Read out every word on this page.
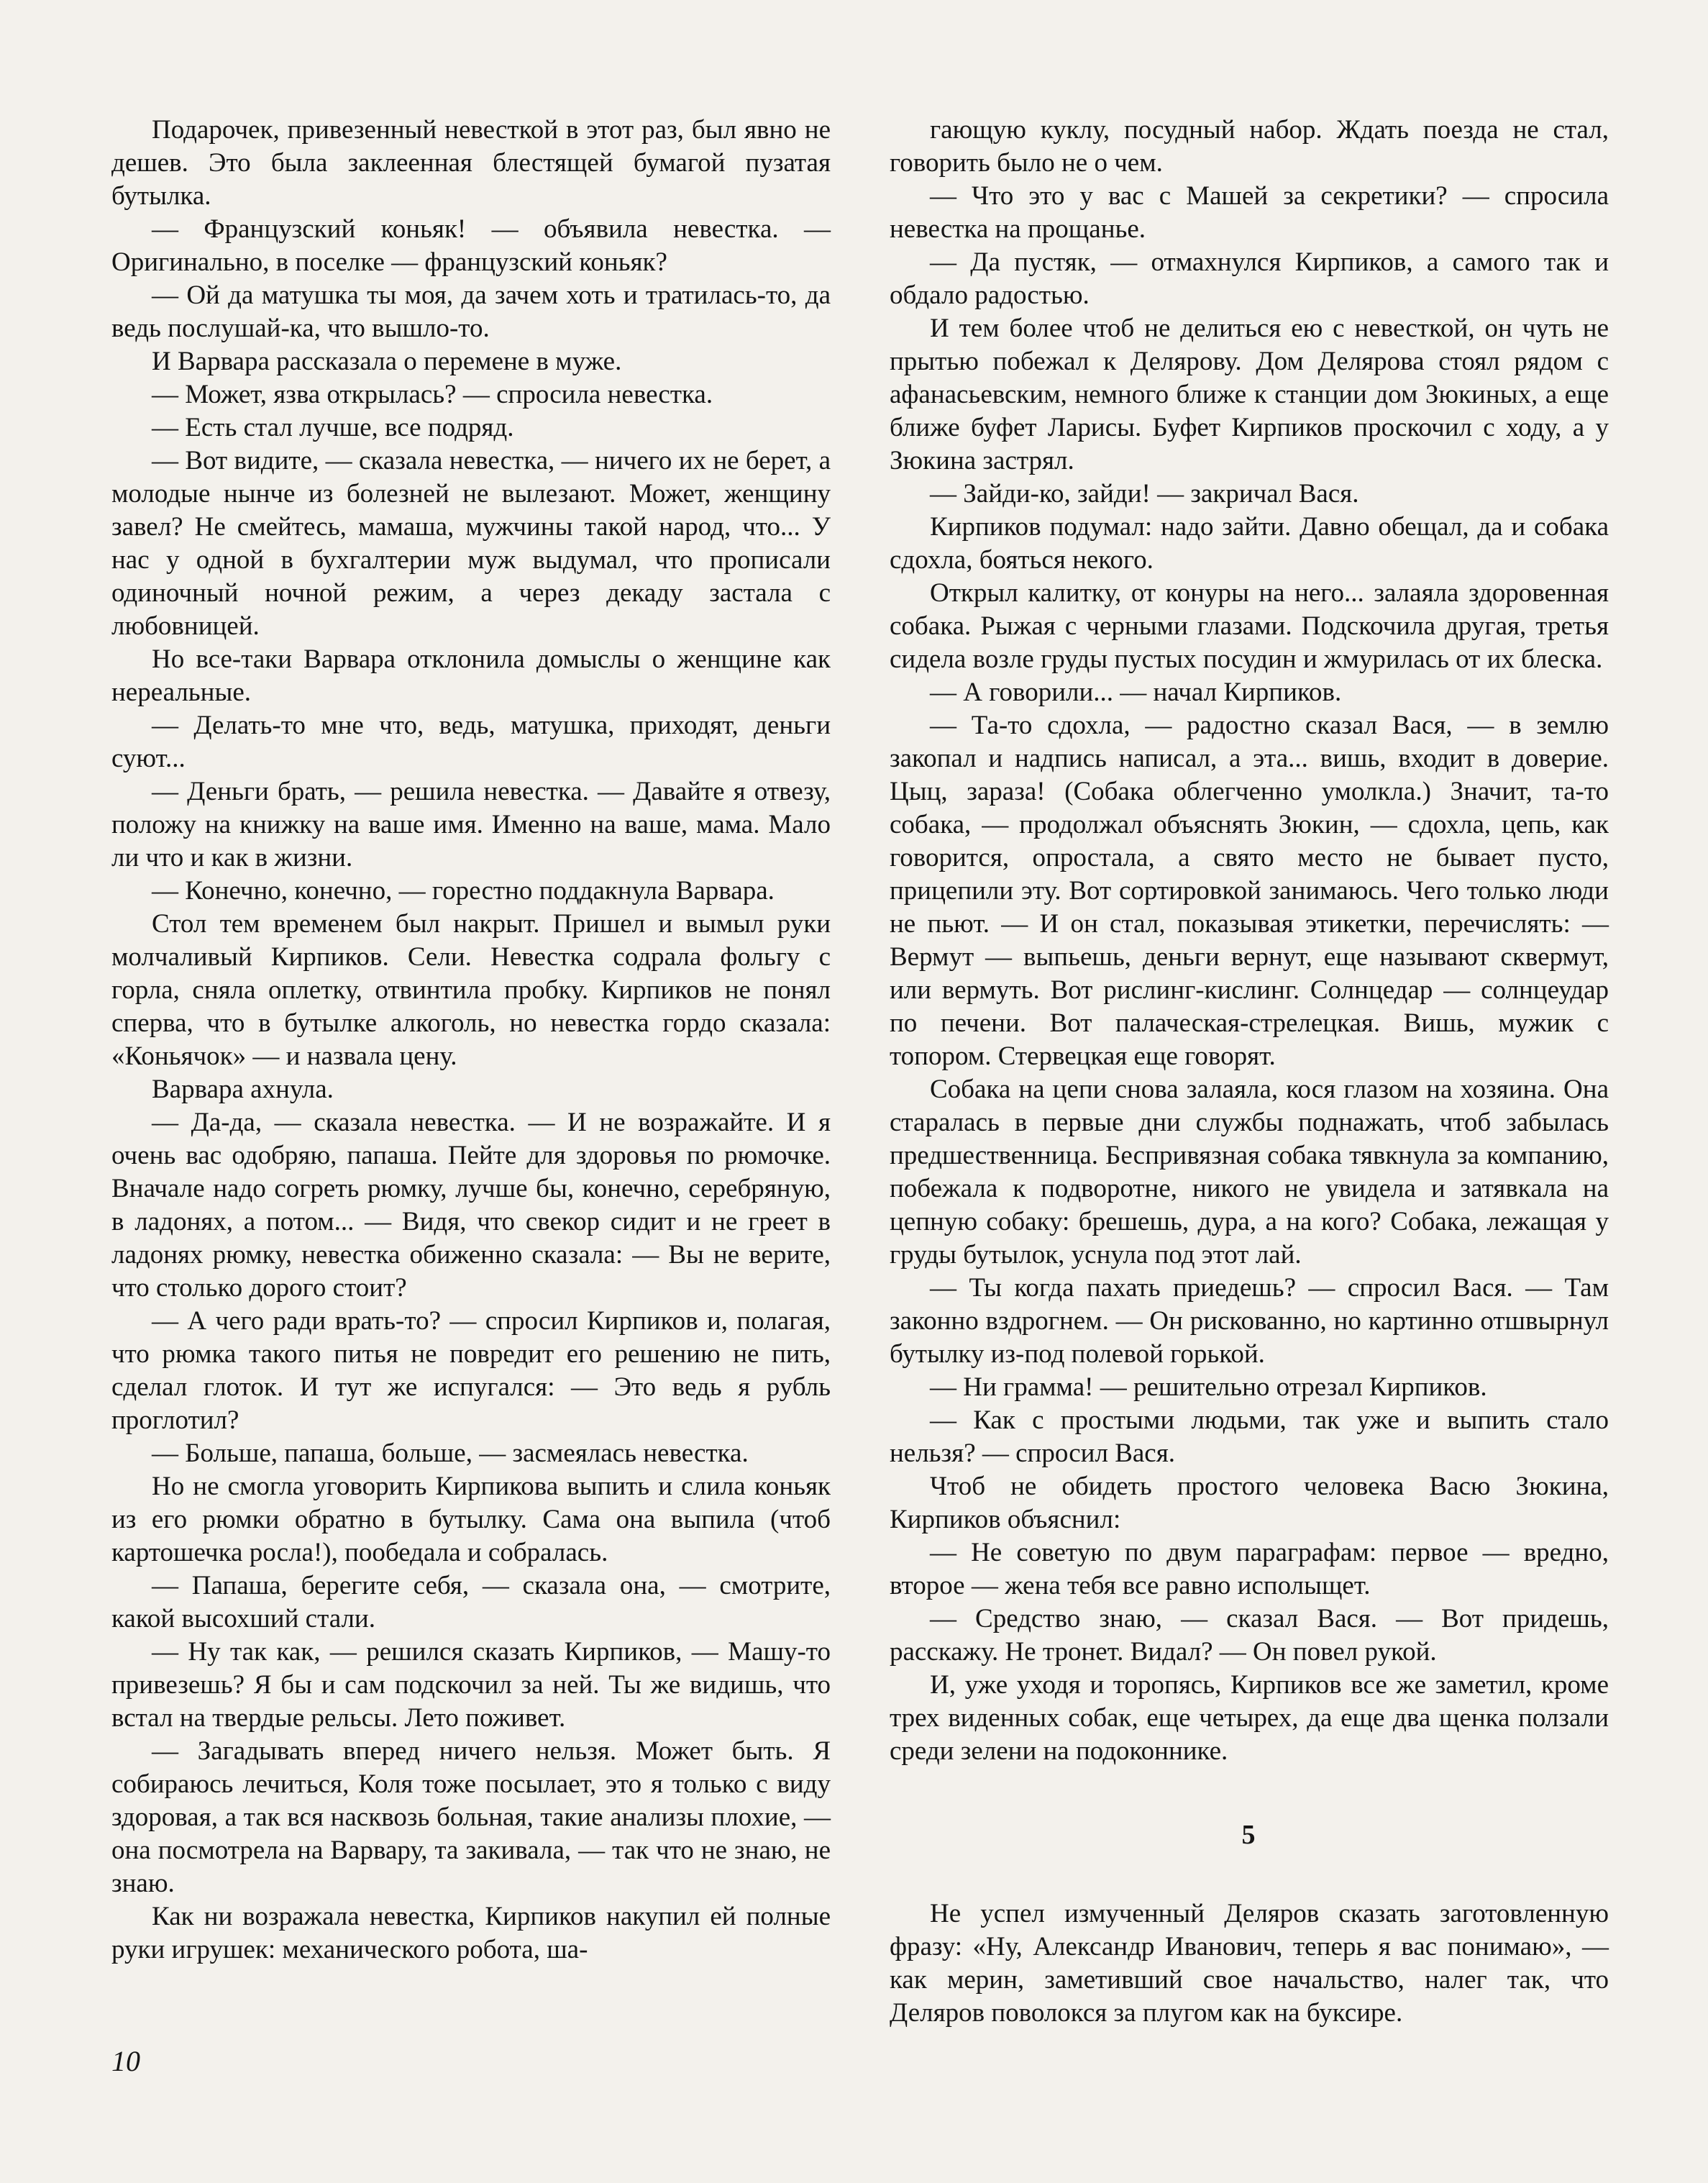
Подарочек, привезенный невесткой в этот раз, был явно не дешев. Это была заклеенная блестящей бумагой пузатая бутылка.

— Французский коньяк! — объявила невестка. — Оригинально, в поселке — французский коньяк?

— Ой да матушка ты моя, да зачем хоть и тратилась-то, да ведь послушай-ка, что вышло-то.

И Варвара рассказала о перемене в муже.

— Может, язва открылась? — спросила невестка.

— Есть стал лучше, все подряд.

— Вот видите, — сказала невестка, — ничего их не берет, а молодые нынче из болезней не вылезают. Может, женщину завел? Не смейтесь, мамаша, мужчины такой народ, что... У нас у одной в бухгалтерии муж выдумал, что прописали одиночный ночной режим, а через декаду застала с любовницей.

Но все-таки Варвара отклонила домыслы о женщине как нереальные.

— Делать-то мне что, ведь, матушка, приходят, деньги суют...

— Деньги брать, — решила невестка. — Давайте я отвезу, положу на книжку на ваше имя. Именно на ваше, мама. Мало ли что и как в жизни.

— Конечно, конечно, — горестно поддакнула Варвара.

Стол тем временем был накрыт. Пришел и вымыл руки молчаливый Кирпиков. Сели. Невестка содрала фольгу с горла, сняла оплетку, отвинтила пробку. Кирпиков не понял сперва, что в бутылке алкоголь, но невестка гордо сказала: «Коньячок» — и назвала цену.

Варвара ахнула.

— Да-да, — сказала невестка. — И не возражайте. И я очень вас одобряю, папаша. Пейте для здоровья по рюмочке. Вначале надо согреть рюмку, лучше бы, конечно, серебряную, в ладонях, а потом... — Видя, что свекор сидит и не греет в ладонях рюмку, невестка обиженно сказала: — Вы не верите, что столько дорого стоит?

— А чего ради врать-то? — спросил Кирпиков и, полагая, что рюмка такого питья не повредит его решению не пить, сделал глоток. И тут же испугался: — Это ведь я рубль проглотил?

— Больше, папаша, больше, — засмеялась невестка.

Но не смогла уговорить Кирпикова выпить и слила коньяк из его рюмки обратно в бутылку. Сама она выпила (чтоб картошечка росла!), пообедала и собралась.

— Папаша, берегите себя, — сказала она, — смотрите, какой высохший стали.

— Ну так как, — решился сказать Кирпиков, — Машу-то привезешь? Я бы и сам подскочил за ней. Ты же видишь, что встал на твердые рельсы. Лето поживет.

— Загадывать вперед ничего нельзя. Может быть. Я собираюсь лечиться, Коля тоже посылает, это я только с виду здоровая, а так вся насквозь больная, такие анализы плохие, — она посмотрела на Варвару, та закивала, — так что не знаю, не знаю.

Как ни возражала невестка, Кирпиков накупил ей полные руки игрушек: механического робота, ша-

гающую куклу, посудный набор. Ждать поезда не стал, говорить было не о чем.

— Что это у вас с Машей за секретики? — спросила невестка на прощанье.

— Да пустяк, — отмахнулся Кирпиков, а самого так и обдало радостью.

И тем более чтоб не делиться ею с невесткой, он чуть не прытью побежал к Делярову. Дом Делярова стоял рядом с афанасьевским, немного ближе к станции дом Зюкиных, а еще ближе буфет Ларисы. Буфет Кирпиков проскочил с ходу, а у Зюкина застрял.

— Зайди-ко, зайди! — закричал Вася.

Кирпиков подумал: надо зайти. Давно обещал, да и собака сдохла, бояться некого.

Открыл калитку, от конуры на него... залаяла здоровенная собака. Рыжая с черными глазами. Подскочила другая, третья сидела возле груды пустых посудин и жмурилась от их блеска.

— А говорили... — начал Кирпиков.

— Та-то сдохла, — радостно сказал Вася, — в землю закопал и надпись написал, а эта... вишь, входит в доверие. Цыц, зараза! (Собака облегченно умолкла.) Значит, та-то собака, — продолжал объяснять Зюкин, — сдохла, цепь, как говорится, опростала, а свято место не бывает пусто, прицепили эту. Вот сортировкой занимаюсь. Чего только люди не пьют. — И он стал, показывая этикетки, перечислять: — Вермут — выпьешь, деньги вернут, еще называют сквермут, или вермуть. Вот рислинг-кислинг. Солнцедар — солнцеудар по печени. Вот палаческая-стрелецкая. Вишь, мужик с топором. Стервецкая еще говорят.

Собака на цепи снова залаяла, кося глазом на хозяина. Она старалась в первые дни службы поднажать, чтоб забылась предшественница. Беспривязная собака тявкнула за компанию, побежала к подворотне, никого не увидела и затявкала на цепную собаку: брешешь, дура, а на кого? Собака, лежащая у груды бутылок, уснула под этот лай.

— Ты когда пахать приедешь? — спросил Вася. — Там законно вздрогнем. — Он рискованно, но картинно отшвырнул бутылку из-под полевой горькой.

— Ни грамма! — решительно отрезал Кирпиков.

— Как с простыми людьми, так уже и выпить стало нельзя? — спросил Вася.

Чтоб не обидеть простого человека Васю Зюкина, Кирпиков объяснил:

— Не советую по двум параграфам: первое — вредно, второе — жена тебя все равно исполыщет.

— Средство знаю, — сказал Вася. — Вот придешь, расскажу. Не тронет. Видал? — Он повел рукой.

И, уже уходя и торопясь, Кирпиков все же заметил, кроме трех виденных собак, еще четырех, да еще два щенка ползали среди зелени на подоконнике.

5

Не успел измученный Деляров сказать заготовленную фразу: «Ну, Александр Иванович, теперь я вас понимаю», — как мерин, заметивший свое начальство, налег так, что Деляров поволокся за плугом как на буксире.

10
